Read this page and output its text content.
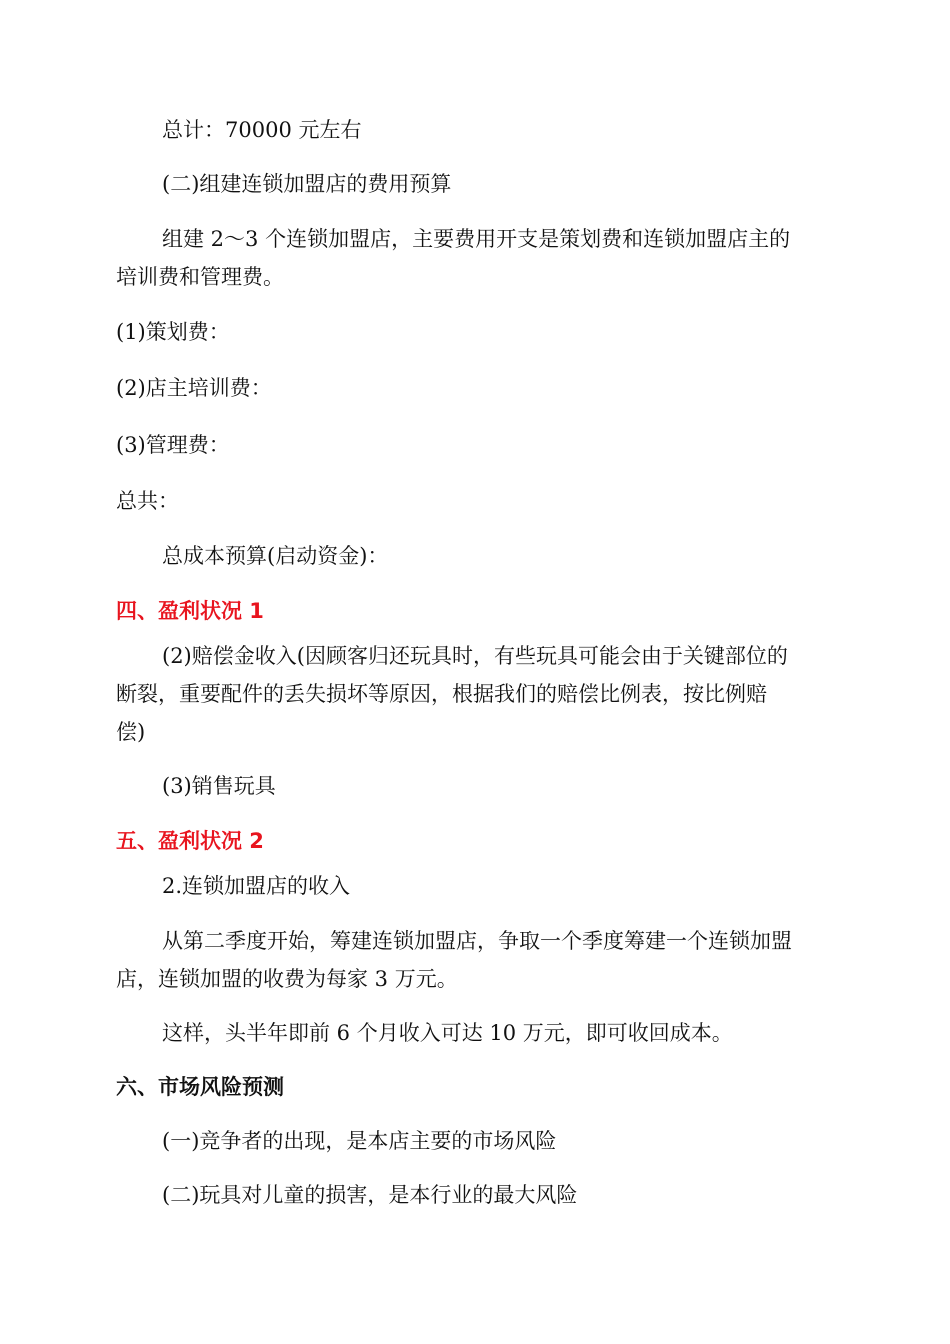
总计：70000 元左右
(二)组建连锁加盟店的费用预算
组建 2～3 个连锁加盟店，主要费用开支是策划费和连锁加盟店主的
培训费和管理费。
(1)策划费：
(2)店主培训费：
(3)管理费：
总共：
总成本预算(启动资金)：
四、盈利状况 1
(2)赔偿金收入(因顾客归还玩具时，有些玩具可能会由于关键部位的
断裂，重要配件的丢失损坏等原因，根据我们的赔偿比例表，按比例赔
偿)
(3)销售玩具
五、盈利状况 2
2.连锁加盟店的收入
从第二季度开始，筹建连锁加盟店，争取一个季度筹建一个连锁加盟
店，连锁加盟的收费为每家 3 万元。
这样，头半年即前 6 个月收入可达 10 万元，即可收回成本。
六、市场风险预测
(一)竞争者的出现，是本店主要的市场风险
(二)玩具对儿童的损害，是本行业的最大风险
